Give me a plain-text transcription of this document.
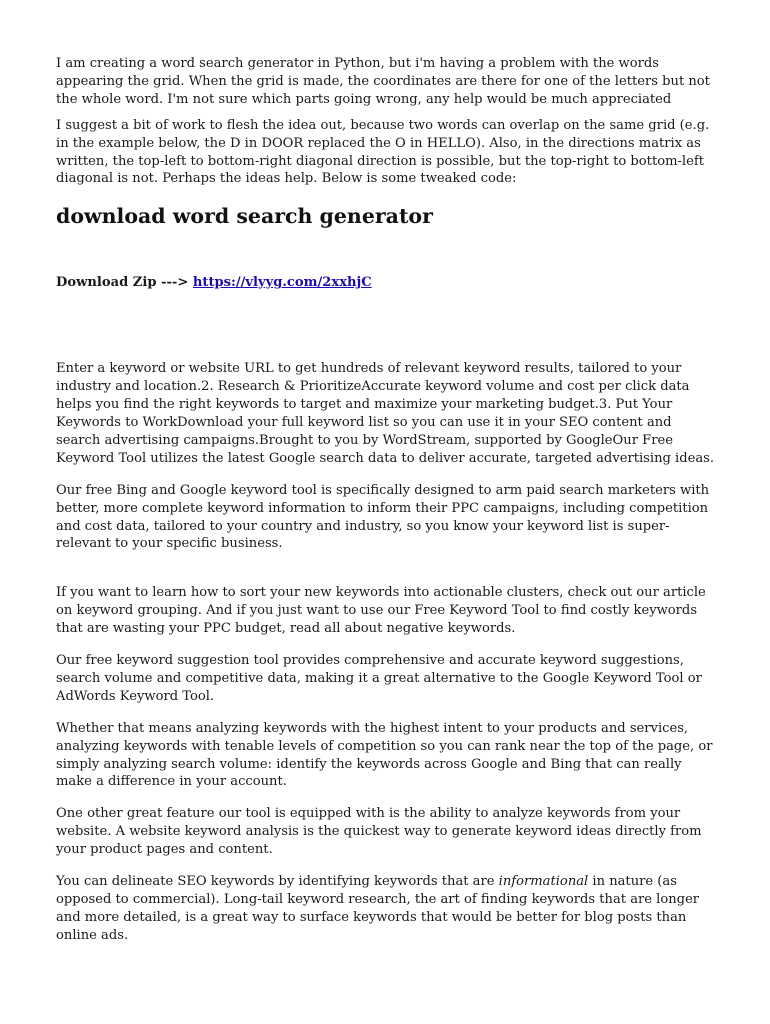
I am creating a word search generator in Python, but i'm having a problem with the words appearing the grid. When the grid is made, the coordinates are there for one of the letters but not the whole word. I'm not sure which parts going wrong, any help would be much appreciated

I suggest a bit of work to flesh the idea out, because two words can overlap on the same grid (e.g. in the example below, the D in DOOR replaced the O in HELLO). Also, in the directions matrix as written, the top-left to bottom-right diagonal direction is possible, but the top-right to bottom-left diagonal is not. Perhaps the ideas help. Below is some tweaked code:

download word search generator

Download Zip ---> https://vlyyg.com/2xxhjC

Enter a keyword or website URL to get hundreds of relevant keyword results, tailored to your industry and location.2. Research & PrioritizeAccurate keyword volume and cost per click data helps you find the right keywords to target and maximize your marketing budget.3. Put Your Keywords to WorkDownload your full keyword list so you can use it in your SEO content and search advertising campaigns.Brought to you by WordStream, supported by GoogleOur Free Keyword Tool utilizes the latest Google search data to deliver accurate, targeted advertising ideas.

Our free Bing and Google keyword tool is specifically designed to arm paid search marketers with better, more complete keyword information to inform their PPC campaigns, including competition and cost data, tailored to your country and industry, so you know your keyword list is super-relevant to your specific business.

If you want to learn how to sort your new keywords into actionable clusters, check out our article on keyword grouping. And if you just want to use our Free Keyword Tool to find costly keywords that are wasting your PPC budget, read all about negative keywords.

Our free keyword suggestion tool provides comprehensive and accurate keyword suggestions, search volume and competitive data, making it a great alternative to the Google Keyword Tool or AdWords Keyword Tool.

Whether that means analyzing keywords with the highest intent to your products and services, analyzing keywords with tenable levels of competition so you can rank near the top of the page, or simply analyzing search volume: identify the keywords across Google and Bing that can really make a difference in your account.

One other great feature our tool is equipped with is the ability to analyze keywords from your website. A website keyword analysis is the quickest way to generate keyword ideas directly from your product pages and content.

You can delineate SEO keywords by identifying keywords that are informational in nature (as opposed to commercial). Long-tail keyword research, the art of finding keywords that are longer and more detailed, is a great way to surface keywords that would be better for blog posts than online ads.
